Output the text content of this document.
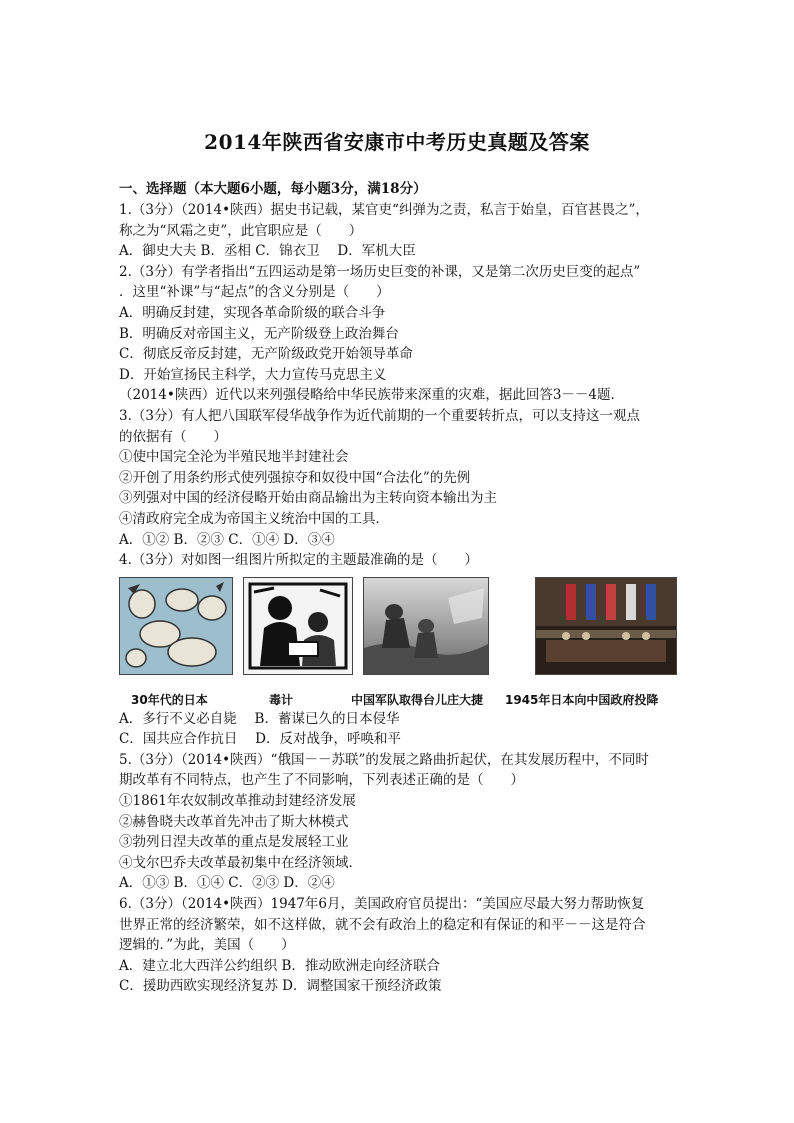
2014年陕西省安康市中考历史真题及答案
一、选择题（本大题6小题，每小题3分，满18分）
1.（3分）（2014•陕西）据史书记载，某官吏“纠弹为之责，私言于始皇，百官甚畏之”，
称之为“风霜之吏”，此官职应是（　　）
A．御史大夫 B．丞相 C．锦衣卫　 D．军机大臣
2.（3分）有学者指出“五四运动是第一场历史巨变的补课，又是第二次历史巨变的起点”
．这里“补课”与“起点”的含义分别是（　　）
A．明确反封建，实现各革命阶级的联合斗争
B．明确反对帝国主义，无产阶级登上政治舞台
C．彻底反帝反封建，无产阶级政党开始领导革命
D．开始宣扬民主科学，大力宣传马克思主义
（2014•陕西）近代以来列强侵略给中华民族带来深重的灾难，据此回答3－－4题．
3.（3分）有人把八国联军侵华战争作为近代前期的一个重要转折点，可以支持这一观点
的依据有（　　）
①使中国完全沦为半殖民地半封建社会
②开创了用条约形式使列强掠夺和奴役中国“合法化”的先例
③列强对中国的经济侵略开始由商品输出为主转向资本输出为主
④清政府完全成为帝国主义统治中国的工具．
A．①② B．②③ C．①④ D．③④
4.（3分）对如图一组图片所拟定的主题最准确的是（　　）
30年代的日本	毒计	中国军队取得台儿庄大捷 1945年日本向中国政府投降
A．多行不义必自毙　 B．蓄谋已久的日本侵华
C．国共应合作抗日　 D．反对战争，呼唤和平
5.（3分）（2014•陕西）“俄国－－苏联”的发展之路曲折起伏，在其发展历程中，不同时
期改革有不同特点，也产生了不同影响，下列表述正确的是（　　）
①1861年农奴制改革推动封建经济发展
②赫鲁晓夫改革首先冲击了斯大林模式
③勃列日涅夫改革的重点是发展轻工业
④戈尔巴乔夫改革最初集中在经济领域．
A．①③ B．①④ C．②③ D．②④
6.（3分）（2014•陕西）1947年6月，美国政府官员提出：“美国应尽最大努力帮助恢复
世界正常的经济繁荣，如不这样做，就不会有政治上的稳定和有保证的和平－－这是符合
逻辑的．”为此，美国（　　）
A．建立北大西洋公约组织 B．推动欧洲走向经济联合
C．援助西欧实现经济复苏 D．调整国家干预经济政策
